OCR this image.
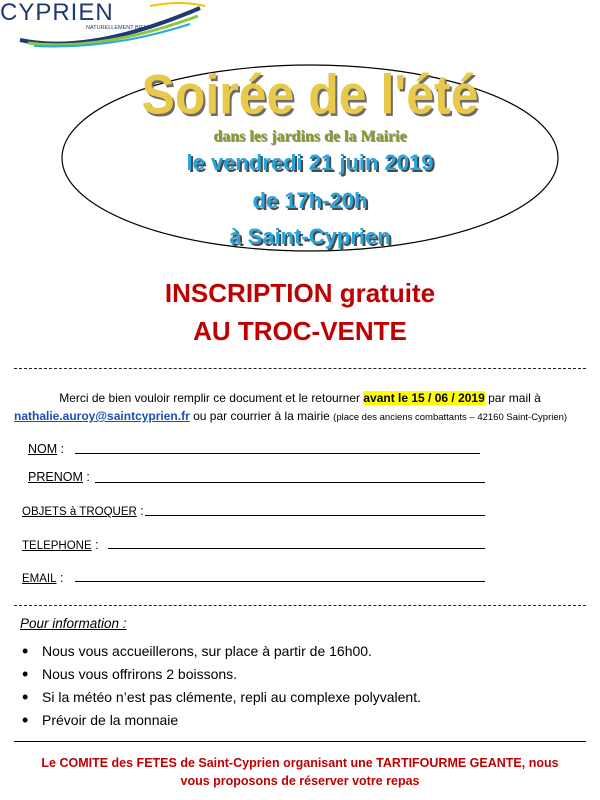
CYPRIEN
NATURELLEMENT BIEN !
Soirée de l'été
dans les jardins de la Mairie
le vendredi 21 juin 2019
de 17h-20h
à Saint-Cyprien
INSCRIPTION gratuite
AU TROC-VENTE
Merci de bien vouloir remplir ce document et le retourner avant le 15 / 06 / 2019 par mail à
nathalie.auroy@saintcyprien.fr ou par courrier à la mairie (place des anciens combattants – 42160 Saint-Cyprien)
NOM :
PRENOM :
OBJETS à TROQUER :
TELEPHONE :
EMAIL :
Pour information :
• Nous vous accueillerons, sur place à partir de 16h00.
• Nous vous offrirons 2 boissons.
• Si la météo n’est pas clémente, repli au complexe polyvalent.
• Prévoir de la monnaie
Le COMITE des FETES de Saint-Cyprien organisant une TARTIFOURME GEANTE, nous
vous proposons de réserver votre repas
